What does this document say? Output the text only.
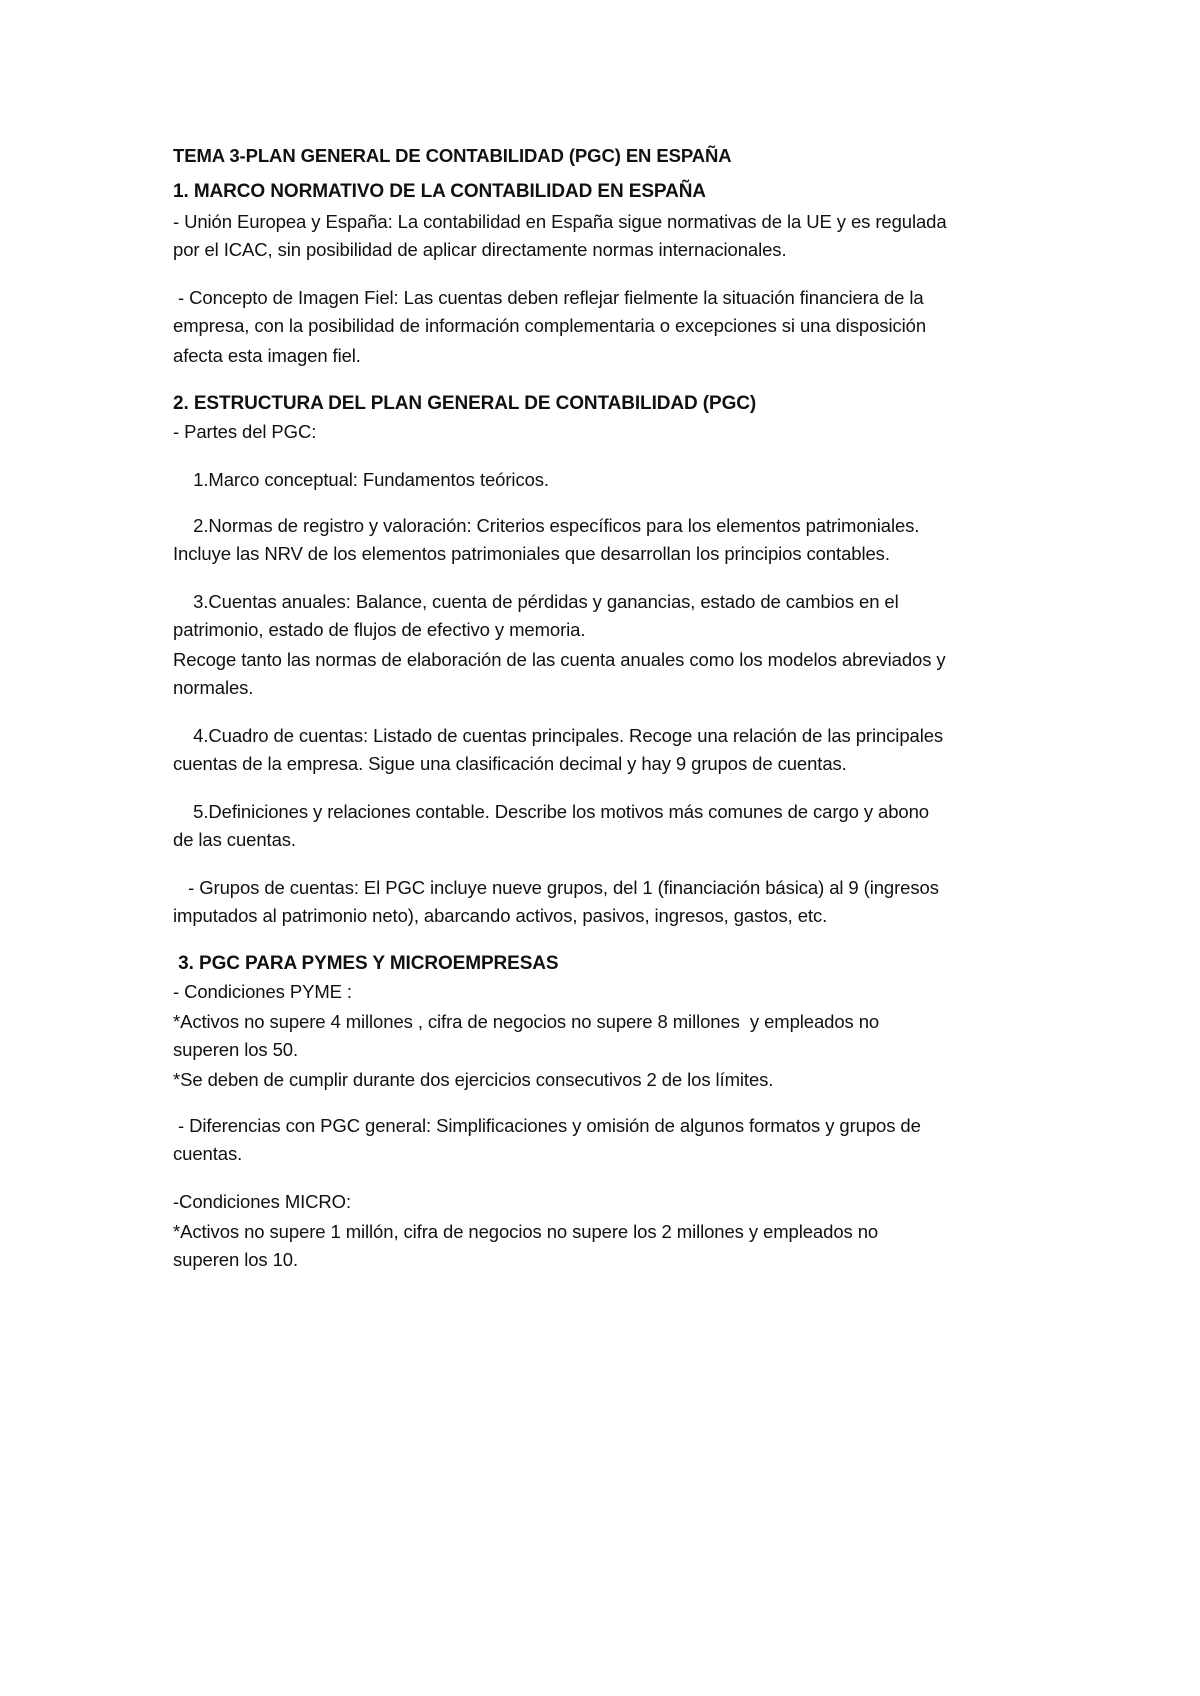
TEMA 3-PLAN GENERAL DE CONTABILIDAD (PGC) EN ESPAÑA
1. MARCO NORMATIVO DE LA CONTABILIDAD EN ESPAÑA
- Unión Europea y España: La contabilidad en España sigue normativas de la UE y es regulada
por el ICAC, sin posibilidad de aplicar directamente normas internacionales.
- Concepto de Imagen Fiel: Las cuentas deben reflejar fielmente la situación financiera de la
empresa, con la posibilidad de información complementaria o excepciones si una disposición
afecta esta imagen fiel.
2. ESTRUCTURA DEL PLAN GENERAL DE CONTABILIDAD (PGC)
- Partes del PGC:
1.Marco conceptual: Fundamentos teóricos.
2.Normas de registro y valoración: Criterios específicos para los elementos patrimoniales.
Incluye las NRV de los elementos patrimoniales que desarrollan los principios contables.
3.Cuentas anuales: Balance, cuenta de pérdidas y ganancias, estado de cambios en el
patrimonio, estado de flujos de efectivo y memoria.
Recoge tanto las normas de elaboración de las cuenta anuales como los modelos abreviados y
normales.
4.Cuadro de cuentas: Listado de cuentas principales. Recoge una relación de las principales
cuentas de la empresa. Sigue una clasificación decimal y hay 9 grupos de cuentas.
5.Definiciones y relaciones contable. Describe los motivos más comunes de cargo y abono
de las cuentas.
- Grupos de cuentas: El PGC incluye nueve grupos, del 1 (financiación básica) al 9 (ingresos
imputados al patrimonio neto), abarcando activos, pasivos, ingresos, gastos, etc.
3. PGC PARA PYMES Y MICROEMPRESAS
- Condiciones PYME :
*Activos no supere 4 millones , cifra de negocios no supere 8 millones  y empleados no
superen los 50.
*Se deben de cumplir durante dos ejercicios consecutivos 2 de los límites.
- Diferencias con PGC general: Simplificaciones y omisión de algunos formatos y grupos de
cuentas.
-Condiciones MICRO:
*Activos no supere 1 millón, cifra de negocios no supere los 2 millones y empleados no
superen los 10.
